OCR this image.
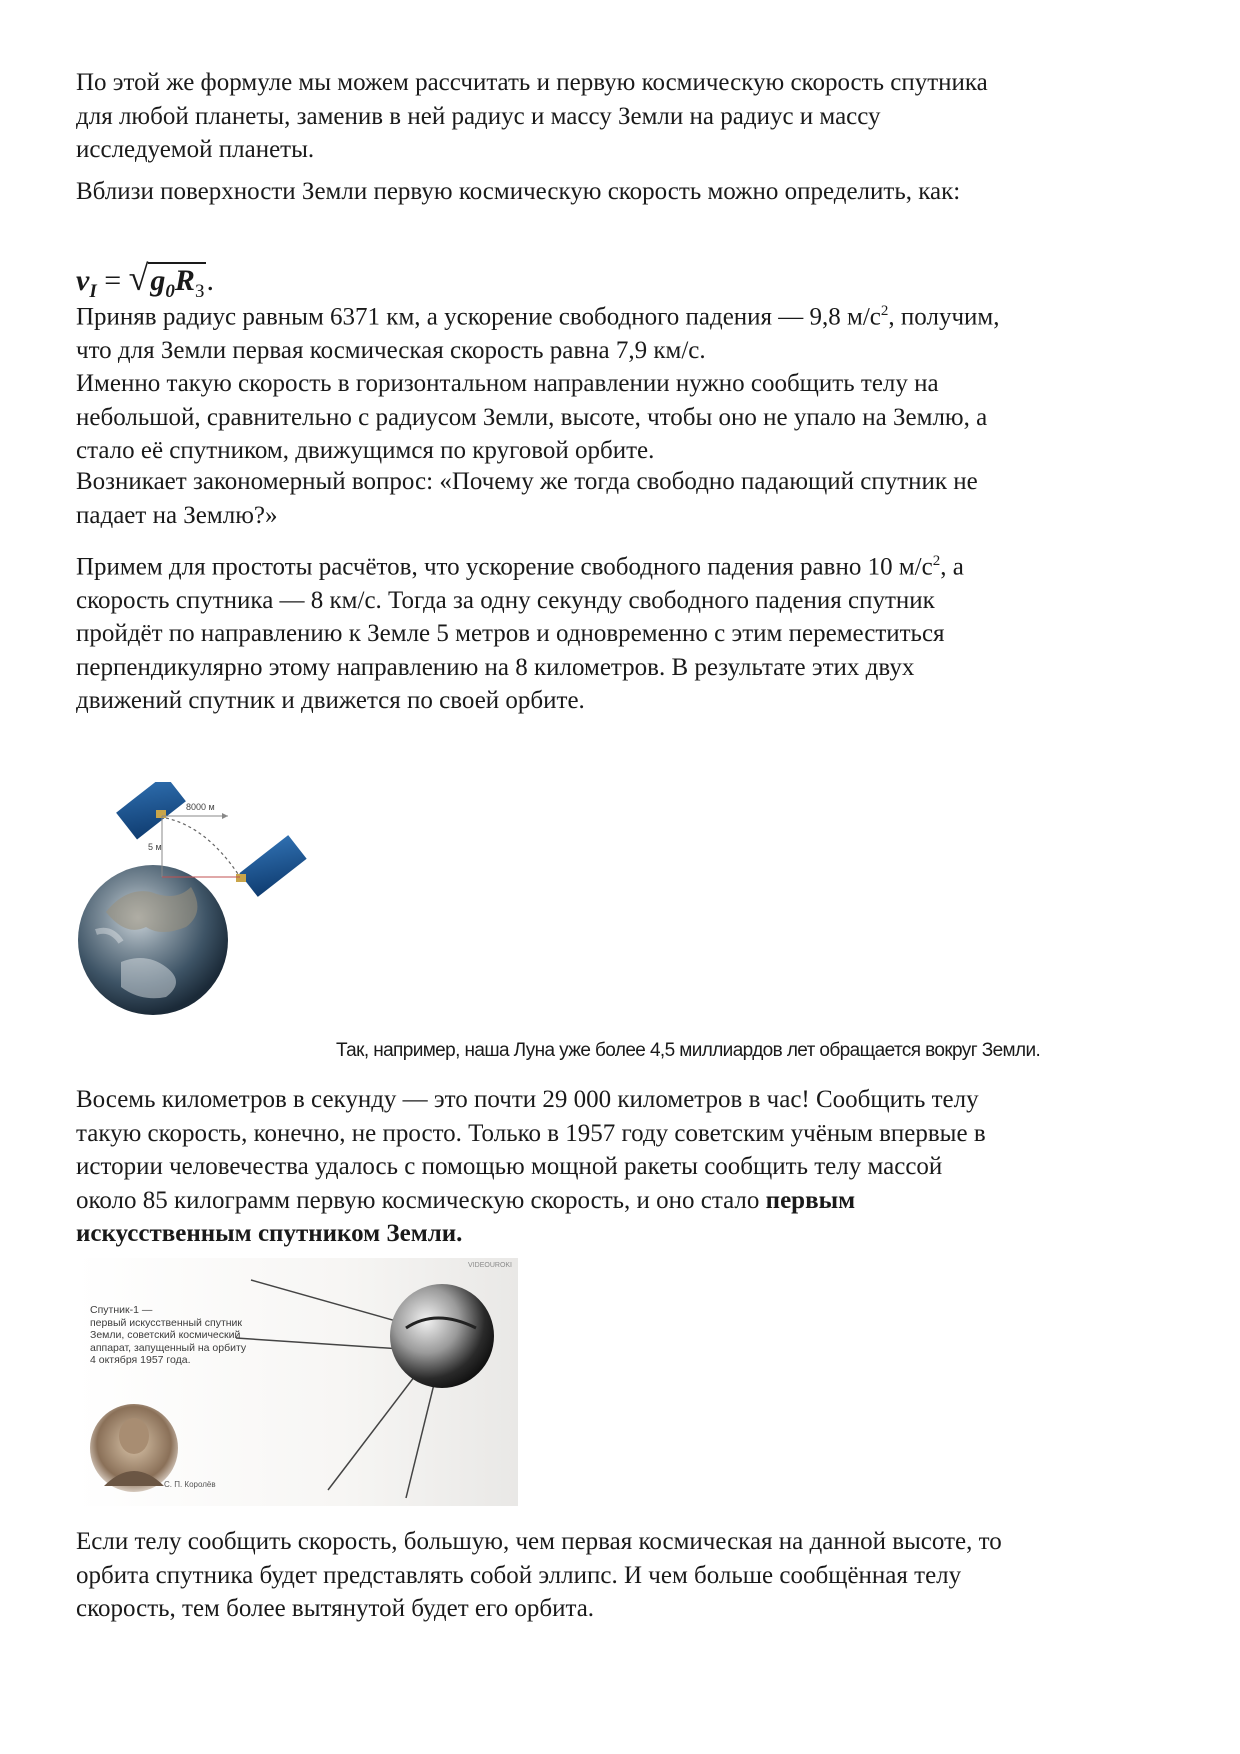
По этой же формуле мы можем рассчитать и первую космическую скорость спутника
для любой планеты, заменив в ней радиус и массу Земли на радиус и массу
исследуемой планеты.

Вблизи поверхности Земли первую космическую скорость можно определить, как:

$v_I = √g_0R_З$.

Приняв радиус равным 6371 км, а ускорение свободного падения — 9,8 $м/с^2$, получим,
что для Земли первая космическая скорость равна 7,9 км/с.
Именно такую скорость в горизонтальном направлении нужно сообщить телу на
небольшой, сравнительно с радиусом Земли, высоте, чтобы оно не упало на Землю, а
стало её спутником, движущимся по круговой орбите.

Возникает закономерный вопрос: «Почему же тогда свободно падающий спутник не
падает на Землю?»

Примем для простоты расчётов, что ускорение свободного падения равно 10 $м/с^2$, а
скорость спутника — 8 км/с. Тогда за одну секунду свободного падения спутник
пройдёт по направлению к Земле 5 метров и одновременно с этим переместиться
перпендикулярно этому направлению на 8 километров. В результате этих двух
движений спутник и движется по своей орбите.

8000 м
5 м
Так, например, наша Луна уже более 4,5 миллиардов лет обращается вокруг Земли.

Восемь километров в секунду — это почти 29 000 километров в час! Сообщить телу
такую скорость, конечно, не просто. Только в 1957 году советским учёным впервые в
истории человечества удалось с помощью мощной ракеты сообщить телу массой
около 85 килограмм первую космическую скорость, и оно стало первым
искусственным спутником Земли.

VIDEOUROKI
Спутник-1 —
первый искусственный спутник
Земли, советский космический
аппарат, запущенный на орбиту
4 октября 1957 года.
С. П. Королёв

Если телу сообщить скорость, большую, чем первая космическая на данной высоте, то
орбита спутника будет представлять собой эллипс. И чем больше сообщённая телу
скорость, тем более вытянутой будет его орбита.
